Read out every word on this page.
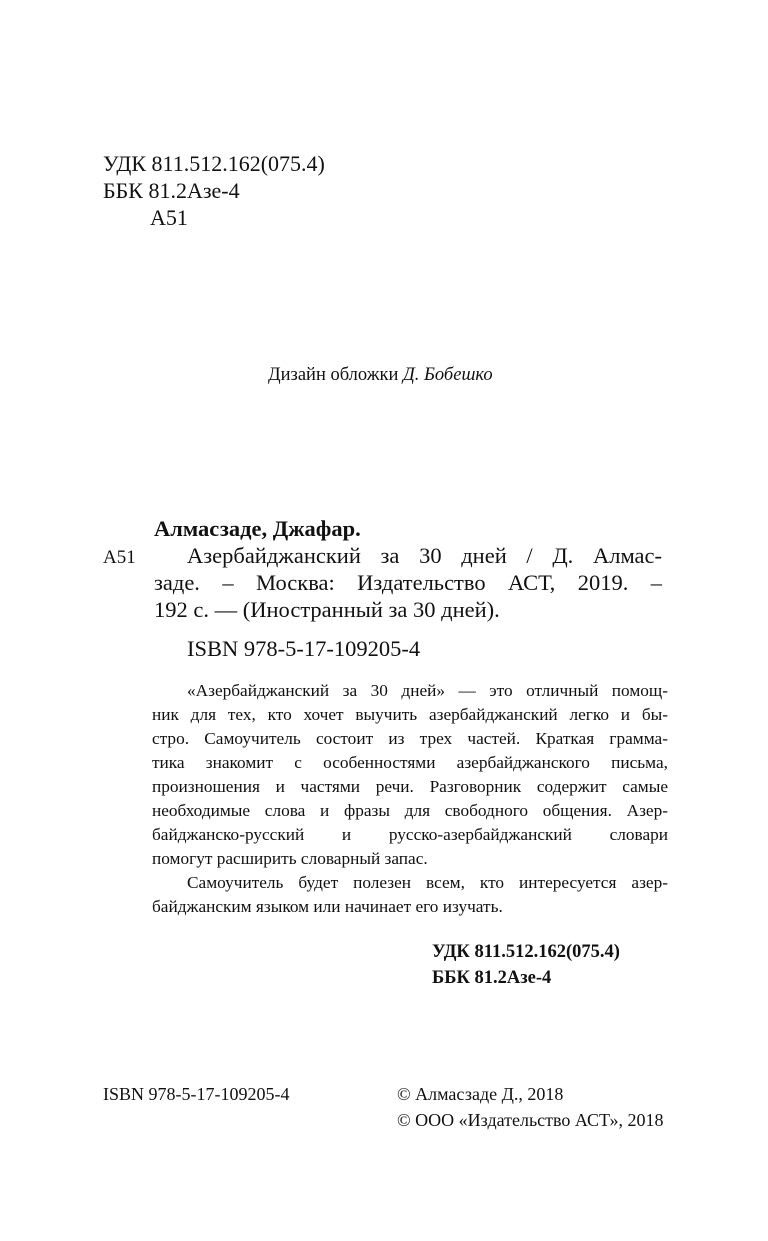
УДК 811.512.162(075.4)
ББК 81.2Азе-4
А51
Дизайн обложки Д. Бобешко
Алмасзаде, Джафар.
А51 Азербайджанский за 30 дней / Д. Алмас-
заде. – Москва: Издательство АСТ, 2019. –
192 с. — (Иностранный за 30 дней).
ISBN 978-5-17-109205-4
«Азербайджанский за 30 дней» — это отличный помощ-
ник для тех, кто хочет выучить азербайджанский легко и бы-
стро. Самоучитель состоит из трех частей. Краткая грамма-
тика знакомит с особенностями азербайджанского письма,
произношения и частями речи. Разговорник содержит самые
необходимые слова и фразы для свободного общения. Азер-
байджанско-русский и русско-азербайджанский словари
помогут расширить словарный запас.
Самоучитель будет полезен всем, кто интересуется азер-
байджанским языком или начинает его изучать.
УДК 811.512.162(075.4)
ББК 81.2Азе-4
ISBN 978-5-17-109205-4	© Алмасзаде Д., 2018
© ООО «Издательство АСТ», 2018
